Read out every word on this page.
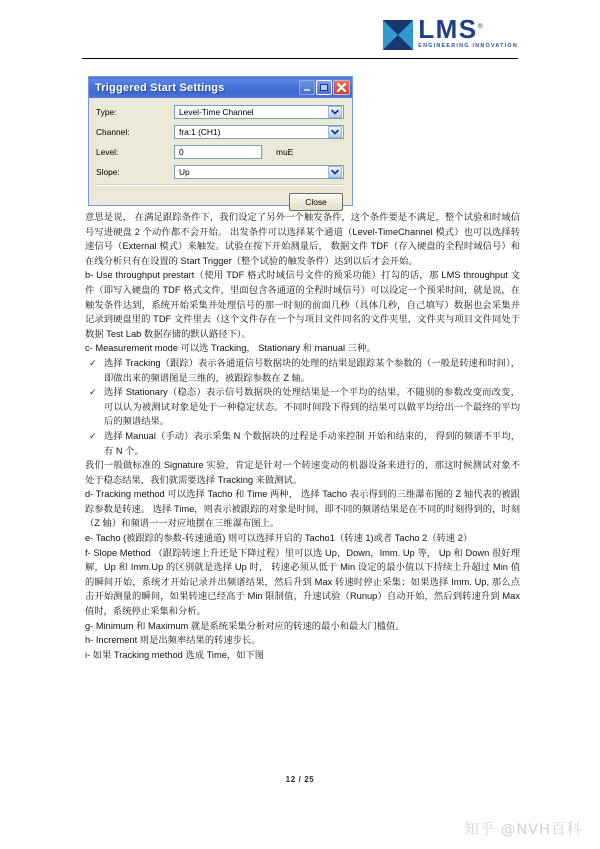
LMS®
ENGINEERING INNOVATION
Triggered Start Settings
Type:	Level-Time Channel
Channel:	fra:1 (CH1)
Level:	0	muE
Slope:	Up
Close

意思是说， 在满足跟踪条件下，我们设定了另外一个触发条件，这个条件要是不满足，整个试验和时域信号写进硬盘 2 个动作都不会开始。 出发条件可以选择某个通道（Level-TimeChannel 模式）也可以选择转速信号（External 模式）来触发。试验在按下开始测量后， 数据文件 TDF（存入硬盘的全程时域信号）和在线分析只有在设置的 Start Trigger（整个试验的触发条件）达到以后才会开始。

b- Use throughput prestart（使用 TDF 格式时域信号文件的预采功能）打勾的话，那 LMS throughput 文件（即写入硬盘的 TDF 格式文件，里面包含各通道的全程时域信号）可以设定一个预采时间，就是说，在触发条件达到，系统开始采集并处理信号的那一时刻的前面几秒（具体几秒，自己填写）数据也会采集并记录到硬盘里的 TDF 文件里去（这个文件存在一个与项目文件同名的文件夹里，文件夹与项目文件同处于数据 Test Lab 数据存储的默认路径下）。

c- Measurement mode 可以选 Tracking， Stationary 和 manual 三种。

✓ 选择 Tracking（跟踪）表示各通道信号数据块的处理的结果是跟踪某个参数的（一般是转速和时间）， 即做出来的频谱图是三维的，被跟踪参数在 Z 轴。
✓ 选择 Stationary（稳态）表示信号数据块的处理结果是一个平均的结果，不随别的参数改变而改变，可以认为被测试对象是处于一种稳定状态。不同时间段下得到的结果可以做平均给出一个最终的平均后的频谱结果。
✓ 选择 Manual（手动）表示采集 N 个数据块的过程是手动来控制 开始和结束的， 得到的频谱不平均，有 N 个。

我们一般做标准的 Signature 实验，肯定是针对一个转速变动的机器设备来进行的，那这时候测试对象不处于稳态结果，我们就需要选择 Tracking 来做测试。

d- Tracking method 可以选择 Tacho 和 Time 两种， 选择 Tacho 表示得到的三维瀑布图的 Z 轴代表的被跟踪参数是转速。 选择 Time，则表示被跟踪的对象是时间，即不同的频谱结果是在不同的时刻得到的，时刻（Z 轴）和频谱一一对应地摆在三维瀑布图上。

e- Tacho (被跟踪的参数-转速通道) 则可以选择开启的 Tacho1（转速 1)或者 Tacho 2（转速 2）

f- Slope Method （跟踪转速上升还是下降过程）里可以选 Up，Down，Imm. Up 等， Up 和 Down 很好理解，Up 和 Imm.Up 的区别就是选择 Up 时， 转速必须从低于 Min 设定的最小值以下持续上升超过 Min 值的瞬间开始，系统才开始记录并出频谱结果，然后升到 Max 转速时停止采集；如果选择 Imm. Up, 那么点击开始测量的瞬间，如果转速已经高于 Min 限制值，升速试验（Runup）自动开始，然后到转速升到 Max 值时，系统停止采集和分析。

g- Minimum 和 Maximum 就是系统采集分析对应的转速的最小和最大门槛值。

h- Increment 则是出频率结果的转速步长。

i- 如果 Tracking method 选成 Time，如下图

12 / 25
知乎 @NVH百科
